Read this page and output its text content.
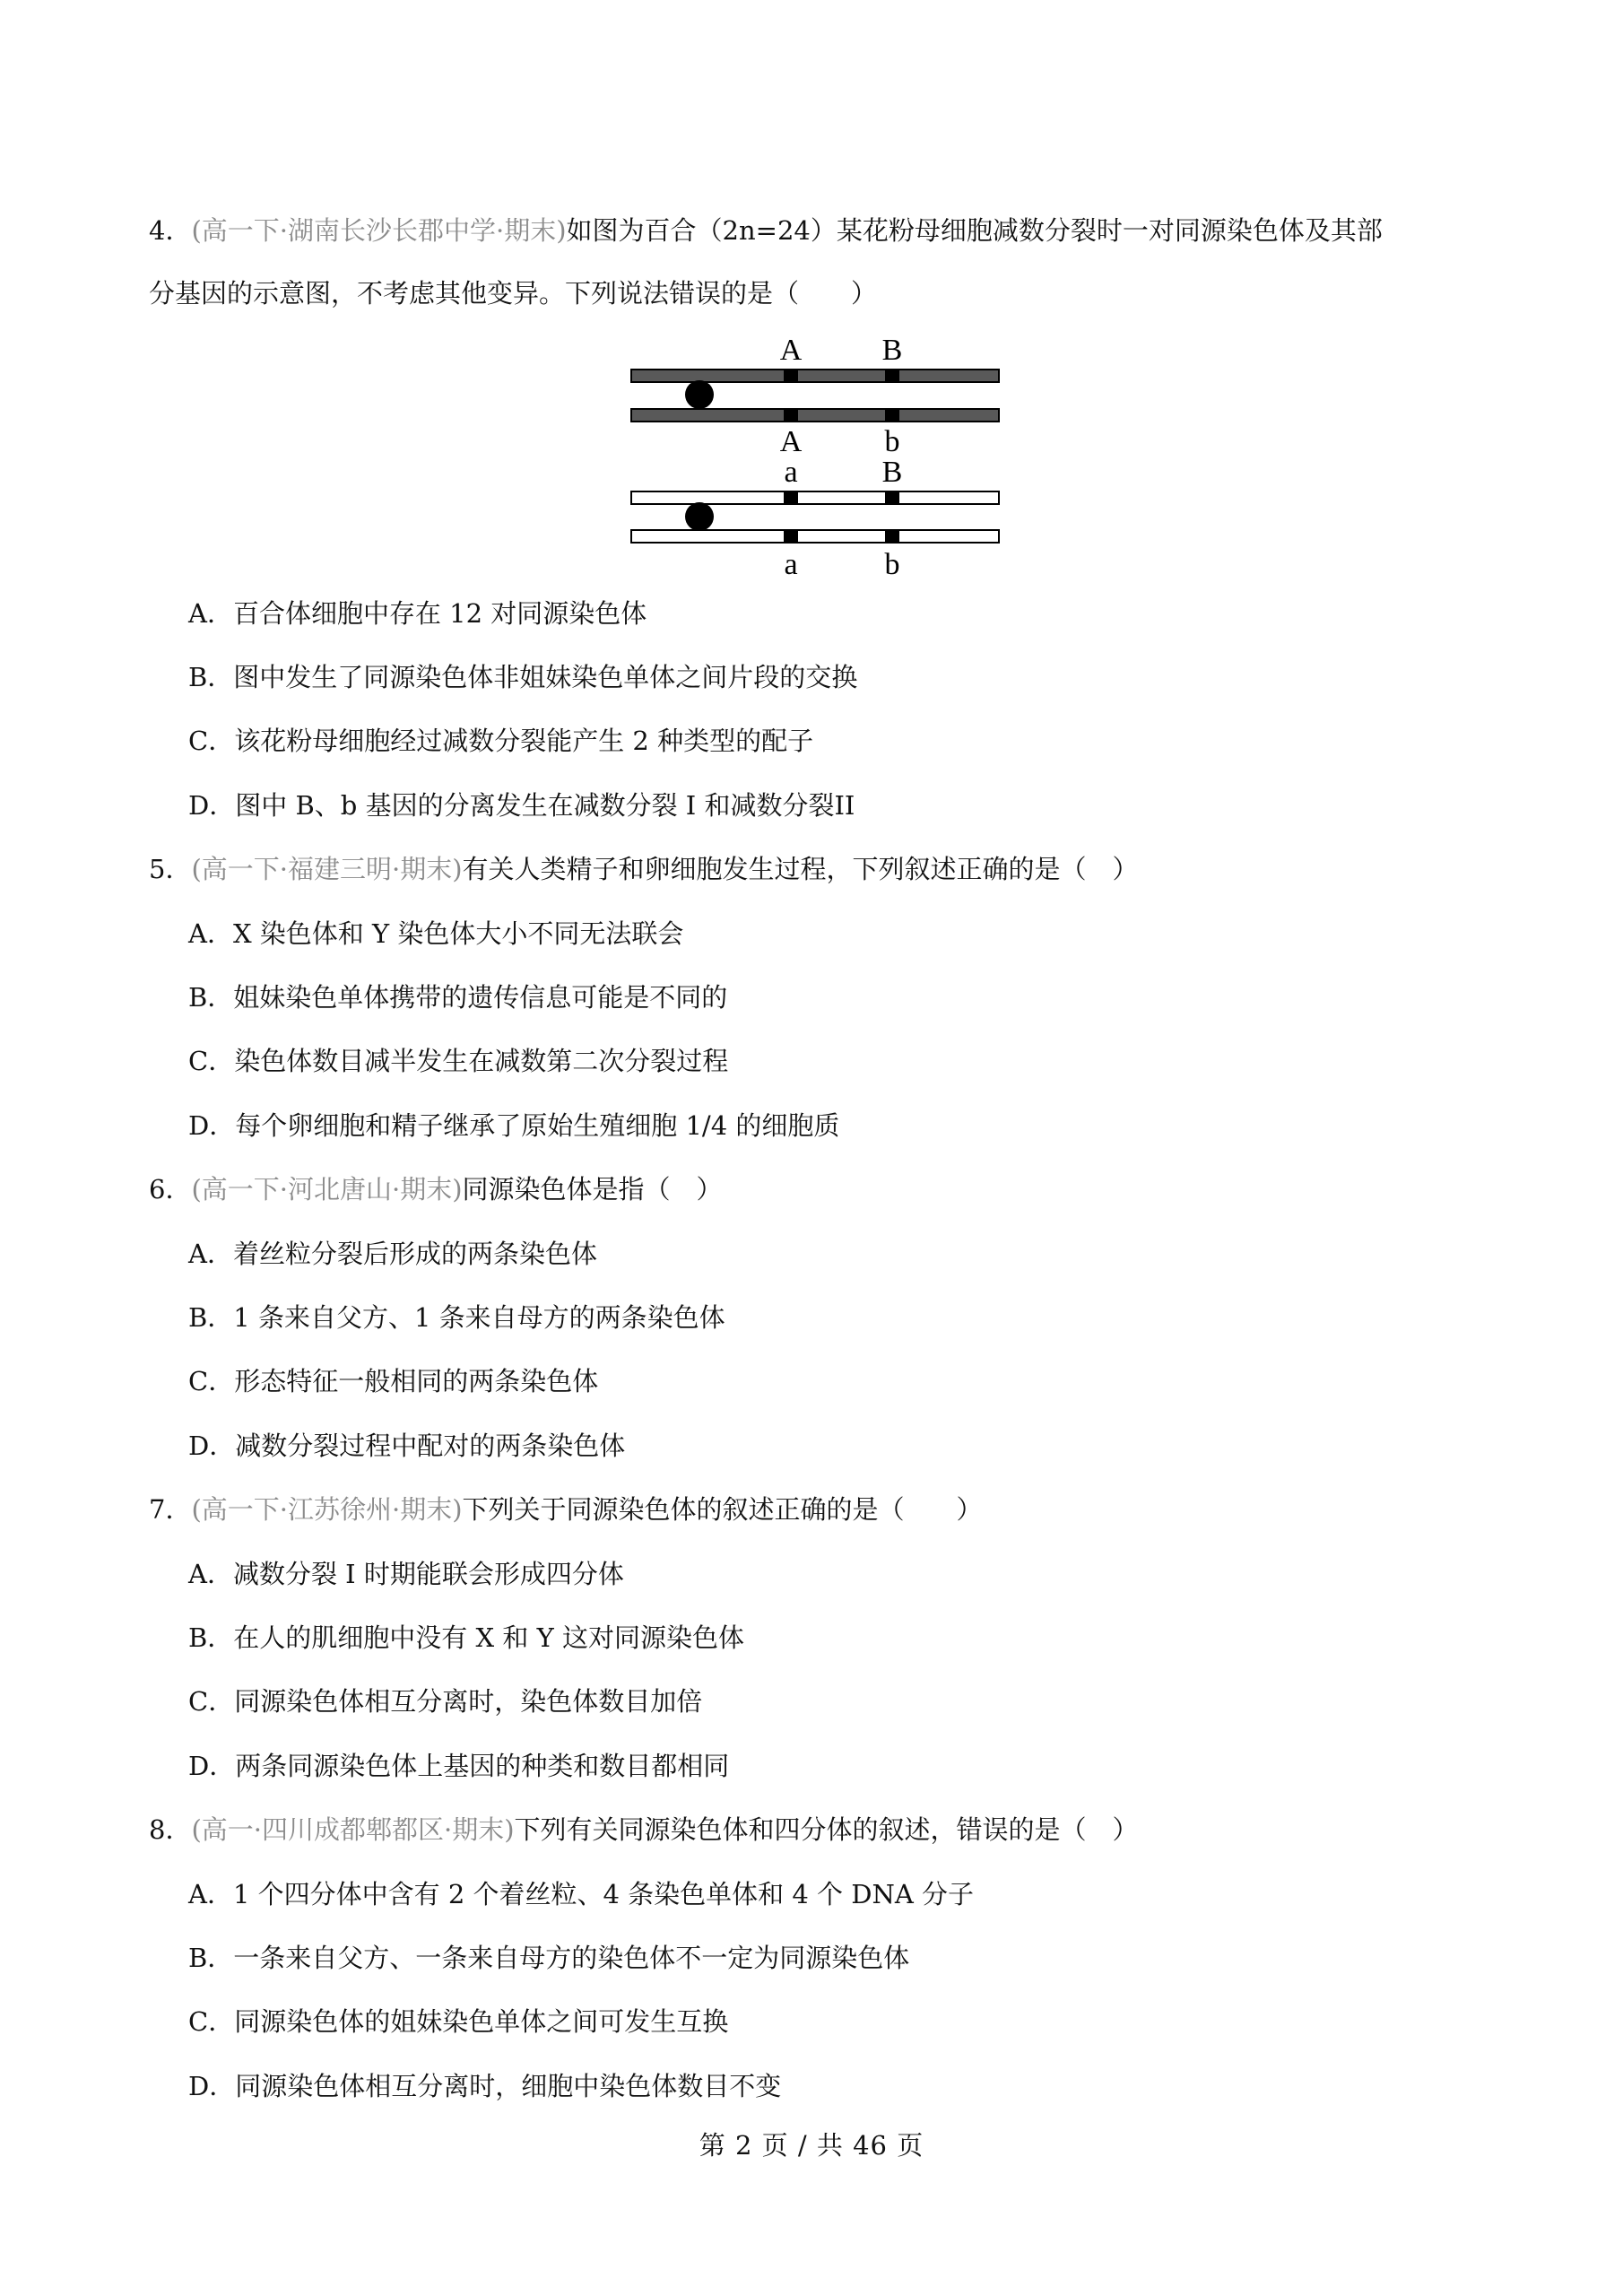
4．(高一下·湖南长沙长郡中学·期末)如图为百合（2n=24）某花粉母细胞减数分裂时一对同源染色体及其部
分基因的示意图，不考虑其他变异。下列说法错误的是（　　）
A	B
A	b
a	B
a	b
A．百合体细胞中存在 12 对同源染色体
B．图中发生了同源染色体非姐妹染色单体之间片段的交换
C．该花粉母细胞经过减数分裂能产生 2 种类型的配子
D．图中 B、b 基因的分离发生在减数分裂 I 和减数分裂II
5．(高一下·福建三明·期末)有关人类精子和卵细胞发生过程，下列叙述正确的是（　）
A．X 染色体和 Y 染色体大小不同无法联会
B．姐妹染色单体携带的遗传信息可能是不同的
C．染色体数目减半发生在减数第二次分裂过程
D．每个卵细胞和精子继承了原始生殖细胞 1/4 的细胞质
6．(高一下·河北唐山·期末)同源染色体是指（　）
A．着丝粒分裂后形成的两条染色体
B．1 条来自父方、1 条来自母方的两条染色体
C．形态特征一般相同的两条染色体
D．减数分裂过程中配对的两条染色体
7．(高一下·江苏徐州·期末)下列关于同源染色体的叙述正确的是（　　）
A．减数分裂 I 时期能联会形成四分体
B．在人的肌细胞中没有 X 和 Y 这对同源染色体
C．同源染色体相互分离时，染色体数目加倍
D．两条同源染色体上基因的种类和数目都相同
8．(高一·四川成都郫都区·期末)下列有关同源染色体和四分体的叙述，错误的是（　）
A．1 个四分体中含有 2 个着丝粒、4 条染色单体和 4 个 DNA 分子
B．一条来自父方、一条来自母方的染色体不一定为同源染色体
C．同源染色体的姐妹染色单体之间可发生互换
D．同源染色体相互分离时，细胞中染色体数目不变
第 2 页 / 共 46 页
